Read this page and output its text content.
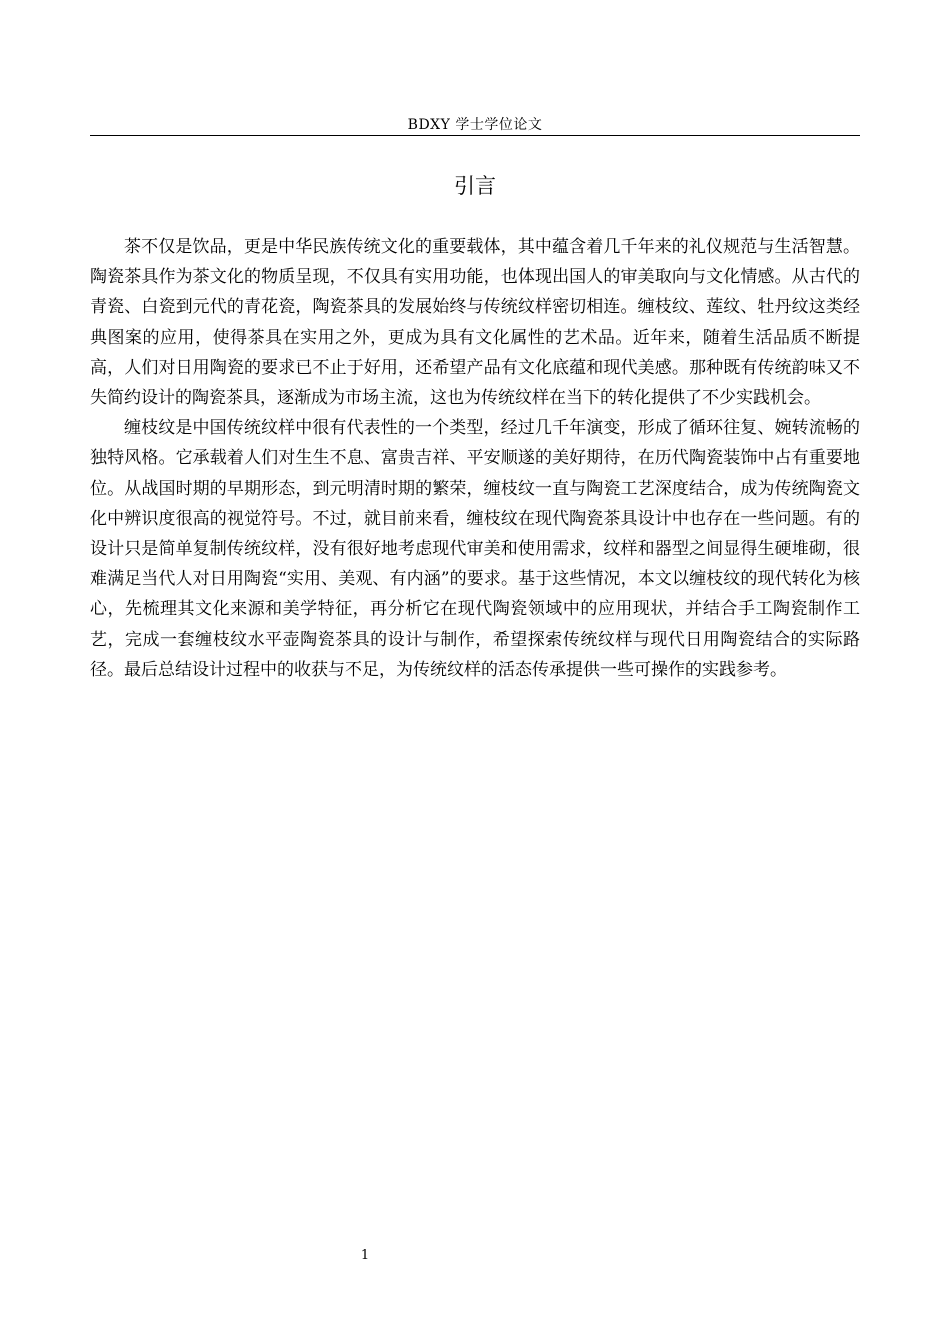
BDXY 学士学位论文
引言

茶不仅是饮品，更是中华民族传统文化的重要载体，其中蕴含着几千年来的礼仪规范与生活智慧。陶瓷茶具作为茶文化的物质呈现，不仅具有实用功能，也体现出国人的审美取向与文化情感。从古代的青瓷、白瓷到元代的青花瓷，陶瓷茶具的发展始终与传统纹样密切相连。缠枝纹、莲纹、牡丹纹这类经典图案的应用，使得茶具在实用之外，更成为具有文化属性的艺术品。近年来，随着生活品质不断提高，人们对日用陶瓷的要求已不止于好用，还希望产品有文化底蕴和现代美感。那种既有传统韵味又不失简约设计的陶瓷茶具，逐渐成为市场主流，这也为传统纹样在当下的转化提供了不少实践机会。

缠枝纹是中国传统纹样中很有代表性的一个类型，经过几千年演变，形成了循环往复、婉转流畅的独特风格。它承载着人们对生生不息、富贵吉祥、平安顺遂的美好期待，在历代陶瓷装饰中占有重要地位。从战国时期的早期形态，到元明清时期的繁荣，缠枝纹一直与陶瓷工艺深度结合，成为传统陶瓷文化中辨识度很高的视觉符号。不过，就目前来看，缠枝纹在现代陶瓷茶具设计中也存在一些问题。有的设计只是简单复制传统纹样，没有很好地考虑现代审美和使用需求，纹样和器型之间显得生硬堆砌，很难满足当代人对日用陶瓷“实用、美观、有内涵”的要求。基于这些情况，本文以缠枝纹的现代转化为核心，先梳理其文化来源和美学特征，再分析它在现代陶瓷领域中的应用现状，并结合手工陶瓷制作工艺，完成一套缠枝纹水平壶陶瓷茶具的设计与制作，希望探索传统纹样与现代日用陶瓷结合的实际路径。最后总结设计过程中的收获与不足，为传统纹样的活态传承提供一些可操作的实践参考。

1
